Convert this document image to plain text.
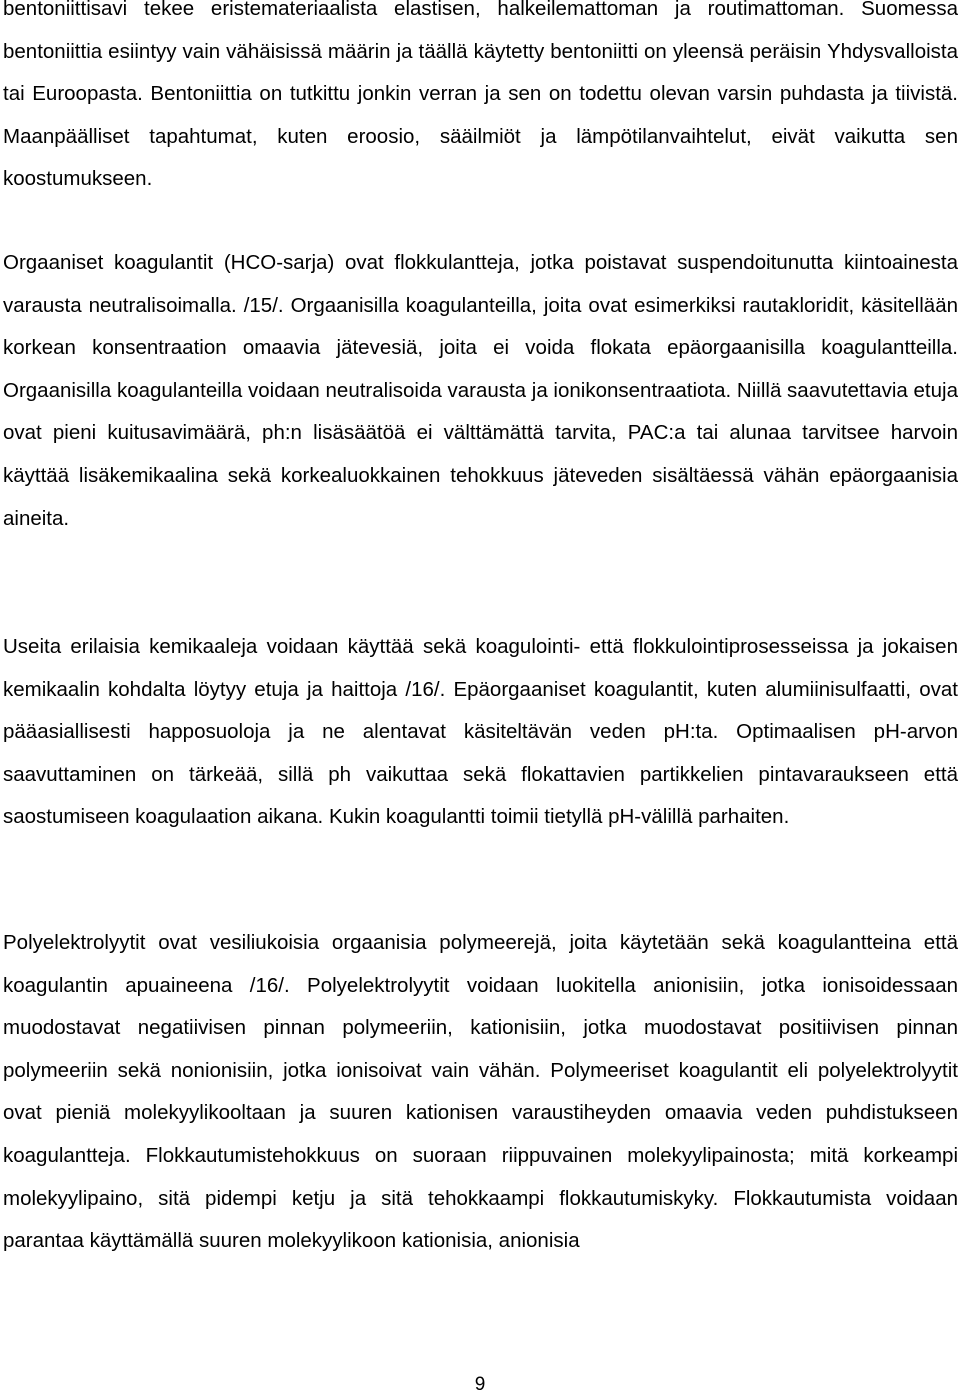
bentoniittisavi tekee eristemateriaalista elastisen, halkeilemattoman ja routimattoman. Suomessa bentoniittia esiintyy vain vähäisissä määrin ja täällä käytetty bentoniitti on yleensä peräisin Yhdysvalloista tai Euroopasta. Bentoniittia on tutkittu jonkin verran ja sen on todettu olevan varsin puhdasta ja tiivistä. Maanpäälliset tapahtumat, kuten eroosio, sääilmiöt ja lämpötilanvaihtelut, eivät vaikutta sen koostumukseen.

Orgaaniset koagulantit (HCO-sarja) ovat flokkulantteja, jotka poistavat suspendoitunutta kiintoainesta varausta neutralisoimalla. /15/. Orgaanisilla koagulanteilla, joita ovat esimerkiksi rautakloridit, käsitellään korkean konsentraation omaavia jätevesiä, joita ei voida flokata epäorgaanisilla koagulantteilla. Orgaanisilla koagulanteilla voidaan neutralisoida varausta ja ionikonsentraatiota. Niillä saavutettavia etuja ovat pieni kuitusavimäärä, ph:n lisäsäätöä ei välttämättä tarvita, PAC:a tai alunaa tarvitsee harvoin käyttää lisäkemikaalina sekä korkealuokkainen tehokkuus jäteveden sisältäessä vähän epäorgaanisia aineita.

Useita erilaisia kemikaaleja voidaan käyttää sekä koagulointi- että flokkulointiprosesseissa ja jokaisen kemikaalin kohdalta löytyy etuja ja haittoja /16/. Epäorgaaniset koagulantit, kuten alumiinisulfaatti, ovat pääasiallisesti happosuoloja ja ne alentavat käsiteltävän veden pH:ta. Optimaalisen pH-arvon saavuttaminen on tärkeää, sillä ph vaikuttaa sekä flokattavien partikkelien pintavaraukseen että saostumiseen koagulaation aikana. Kukin koagulantti toimii tietyllä pH-välillä parhaiten.

Polyelektrolyytit ovat vesiliukoisia orgaanisia polymeerejä, joita käytetään sekä koagulantteina että koagulantin apuaineena /16/. Polyelektrolyytit voidaan luokitella anionisiin, jotka ionisoidessaan muodostavat negatiivisen pinnan polymeeriin, kationisiin, jotka muodostavat positiivisen pinnan polymeeriin sekä nonionisiin, jotka ionisoivat vain vähän. Polymeeriset koagulantit eli polyelektrolyytit ovat pieniä molekyylikooltaan ja suuren kationisen varaustiheyden omaavia veden puhdistukseen koagulantteja. Flokkautumistehokkuus on suoraan riippuvainen molekyylipainosta; mitä korkeampi molekyylipaino, sitä pidempi ketju ja sitä tehokkaampi flokkautumiskyky. Flokkautumista voidaan parantaa käyttämällä suuren molekyylikoon kationisia, anionisia

9
